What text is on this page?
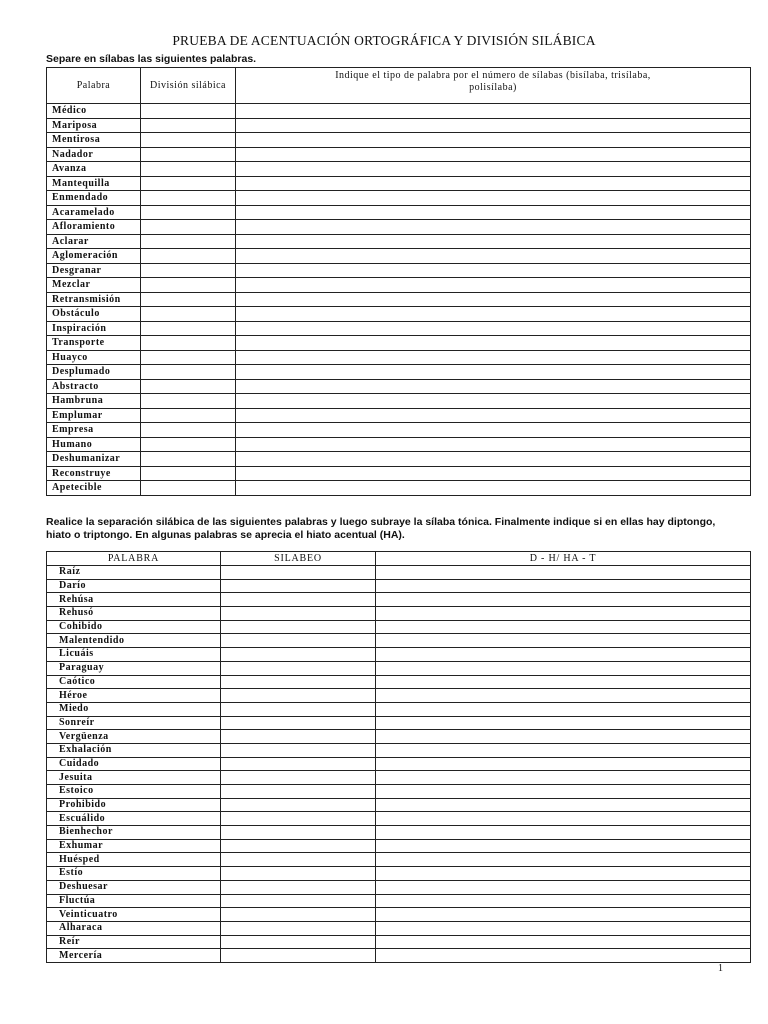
PRUEBA DE ACENTUACIÓN ORTOGRÁFICA Y DIVISIÓN SILÁBICA
Separe en sílabas las siguientes palabras.
Palabra	División silábica	Indique el tipo de palabra por el número de sílabas (bisílaba, trisílaba, polisílaba)
Médico		
Mariposa		
Mentirosa		
Nadador		
Avanza		
Mantequilla		
Enmendado		
Acaramelado		
Afloramiento		
Aclarar		
Aglomeración		
Desgranar		
Mezclar		
Retransmisión		
Obstáculo		
Inspiración		
Transporte		
Huayco		
Desplumado		
Abstracto		
Hambruna		
Emplumar		
Empresa		
Humano		
Deshumanizar		
Reconstruye		
Apetecible		
Realice la separación silábica de las siguientes palabras y luego subraye la sílaba tónica. Finalmente indique si en ellas hay diptongo, hiato o triptongo. En algunas palabras se aprecia el hiato acentual (HA).
PALABRA	SILABEO	D - H/ HA - T
Raíz		
Darío		
Rehúsa		
Rehusó		
Cohibido		
Malentendido		
Licuáis		
Paraguay		
Caótico		
Héroe		
Miedo		
Sonreír		
Vergüenza		
Exhalación		
Cuidado		
Jesuita		
Estoico		
Prohibido		
Escuálido		
Bienhechor		
Exhumar		
Huésped		
Estío		
Deshuesar		
Fluctúa		
Veinticuatro		
Alharaca		
Reír		
Mercería		
1
